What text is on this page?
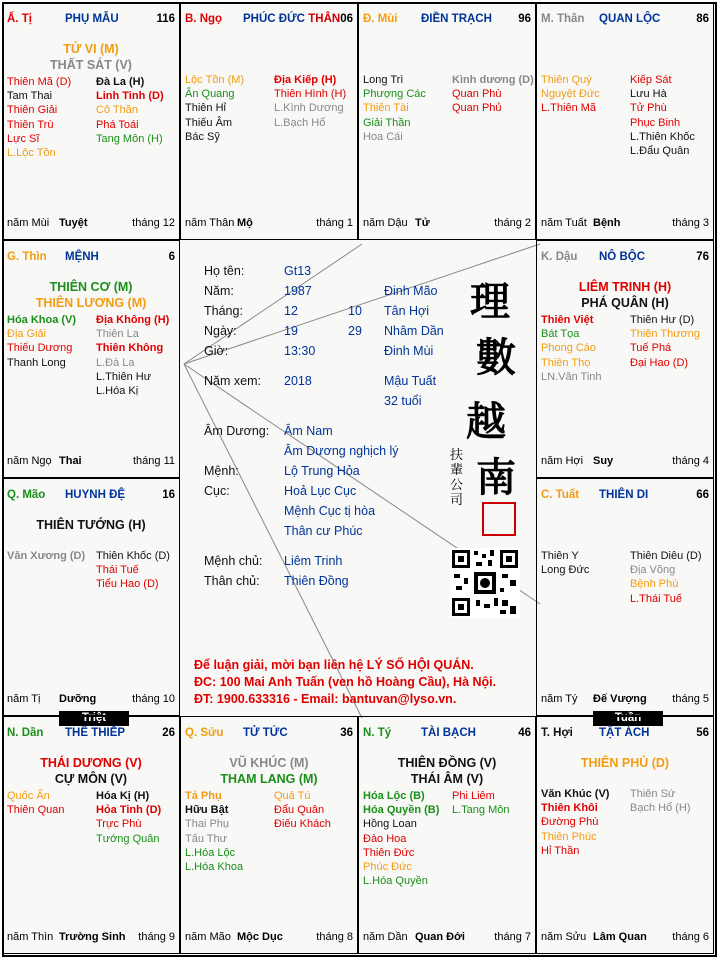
Họ tên:	Gt13
Năm:	1987	Đinh Mão
Tháng:	12	10 Tân Hợi
Ngày:	19	29 Nhâm Dần
Giờ:	13:30	Đinh Mùi
Năm xem: 2018	Mậu Tuất
32 tuổi
Âm Dương: Âm Nam
Âm Dương nghịch lý
Mệnh:	Lộ Trung Hỏa
Cục:	Hoả Lục Cục
Mệnh Cục tị hòa
Thân cư Phúc
Mệnh chủ: Liêm Trinh
Thân chủ: Thiên Đồng
理
數
越
南
扶
輩
公
司
Để luận giải, mời bạn liên hệ LÝ SỐ HỘI QUÁN.
ĐC: 100 Mai Anh Tuấn (ven hồ Hoàng Cầu), Hà Nội.
ĐT: 1900.633316 - Email: bantuvan@lyso.vn.
Triệt	Tuần
Ấ. Tị	PHỤ MẪU	116
TỬ VI (M)
THẤT SÁT (V)
Thiên Mã (D)
Tam Thai
Thiên Giải
Thiên Trù
Lực Sĩ
L.Lộc Tồn
Đà La (H)
Linh Tinh (D)
Cô Thần
Phá Toái
Tang Môn (H)
năm Mùi Tuyệt	tháng 12
B. Ngọ PHÚC ĐỨC THÂN06
Lộc Tồn (M)
Ân Quang
Thiên Hỉ
Thiếu Âm
Bác Sỹ
Địa Kiếp (H)
Thiên Hình (H)
L.Kình Dương
L.Bạch Hổ
năm Thân Mộ	tháng 1
Đ. Mùi ĐIỀN TRẠCH 96
Long Trì
Phượng Các
Thiên Tài
Giải Thần
Hoa Cái
Kình dương (D)
Quan Phù
Quan Phủ
năm Dậu Tử	tháng 2
M. Thân QUAN LỘC	86
Thiên Quý
Nguyệt Đức
L.Thiên Mã
Kiếp Sát
Lưu Hà
Tử Phù
Phục Binh
L.Thiên Khốc
L.Đẩu Quân
năm Tuất Bệnh	tháng 3
G. Thìn MỆNH	6
THIÊN CƠ (M)
THIÊN LƯƠNG (M)
Hóa Khoa (V)
Địa Giải
Thiếu Dương
Thanh Long
Địa Không (H)
Thiên La
Thiên Không
L.Đà La
L.Thiên Hư
L.Hóa Kị
năm Ngọ Thai	tháng 11
K. Dậu NÔ BỘC	76
LIÊM TRINH (H)
PHÁ QUÂN (H)
Thiên Việt
Bát Tọa
Phong Cáo
Thiên Thọ
LN.Văn Tinh
Thiên Hư (D)
Thiên Thương
Tuế Phá
Đại Hao (D)
năm Hợi Suy	tháng 4
Q. Mão HUYNH ĐỆ	16
THIÊN TƯỚNG (H)
Văn Xương (D) Thiên Khốc (D)
Thái Tuế
Tiểu Hao (D)
năm Tị Dưỡng	tháng 10
C. Tuất THIÊN DI	66
Thiên Y
Long Đức
Thiên Diêu (D)
Địa Võng
Bệnh Phù
L.Thái Tuế
năm Tý Đế Vượng tháng 5
N. Dần THÊ THIẾP	26
THÁI DƯƠNG (V)
CỰ MÔN (V)
Quốc Ấn
Thiên Quan
Hóa Kị (H)
Hỏa Tinh (D)
Trực Phù
Tướng Quân
năm Thìn Trường Sinh tháng 9
Q. Sửu TỬ TỨC	36
VŨ KHÚC (M)
THAM LANG (M)
Tả Phụ
Hữu Bật
Thai Phụ
Tấu Thư
L.Hóa Lộc
L.Hóa Khoa
Quả Tú
Đẩu Quân
Điếu Khách
năm Mão Mộc Dục	tháng 8
N. Tý	TÀI BẠCH	46
THIÊN ĐỒNG (V)
THÁI ÂM (V)
Hóa Lộc (B)
Hóa Quyền (B)
Hồng Loan
Đào Hoa
Thiên Đức
Phúc Đức
L.Hóa Quyền
Phi Liêm
L.Tang Môn
năm Dần Quan Đới	tháng 7
T. Hợi TẬT ÁCH	56
THIÊN PHỦ (D)
Văn Khúc (V)
Thiên Khôi
Đường Phù
Thiên Phúc
Hỉ Thần
Thiên Sứ
Bạch Hổ (H)
năm Sửu Lâm Quan tháng 6
